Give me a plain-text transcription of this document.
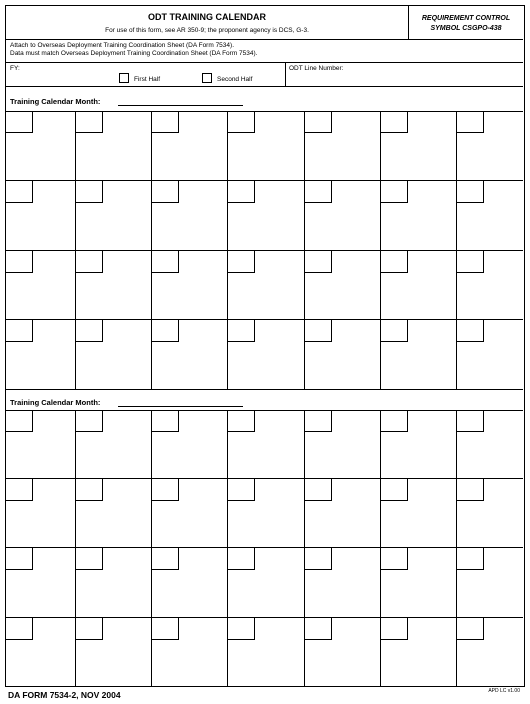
ODT TRAINING CALENDAR
For use of this form, see AR 350-9; the proponent agency is DCS, G-3.
REQUIREMENT CONTROL
SYMBOL CSGPO-438
Attach to Overseas Deployment Training Coordination Sheet (DA Form 7534).
Data must match Overseas Deployment Training Coordination Sheet (DA Form 7534).
FY:
First Half	Second Half
ODT Line Number:
Training Calendar Month:
Training Calendar Month:
DA FORM 7534-2, NOV 2004	APD LC v1.00
